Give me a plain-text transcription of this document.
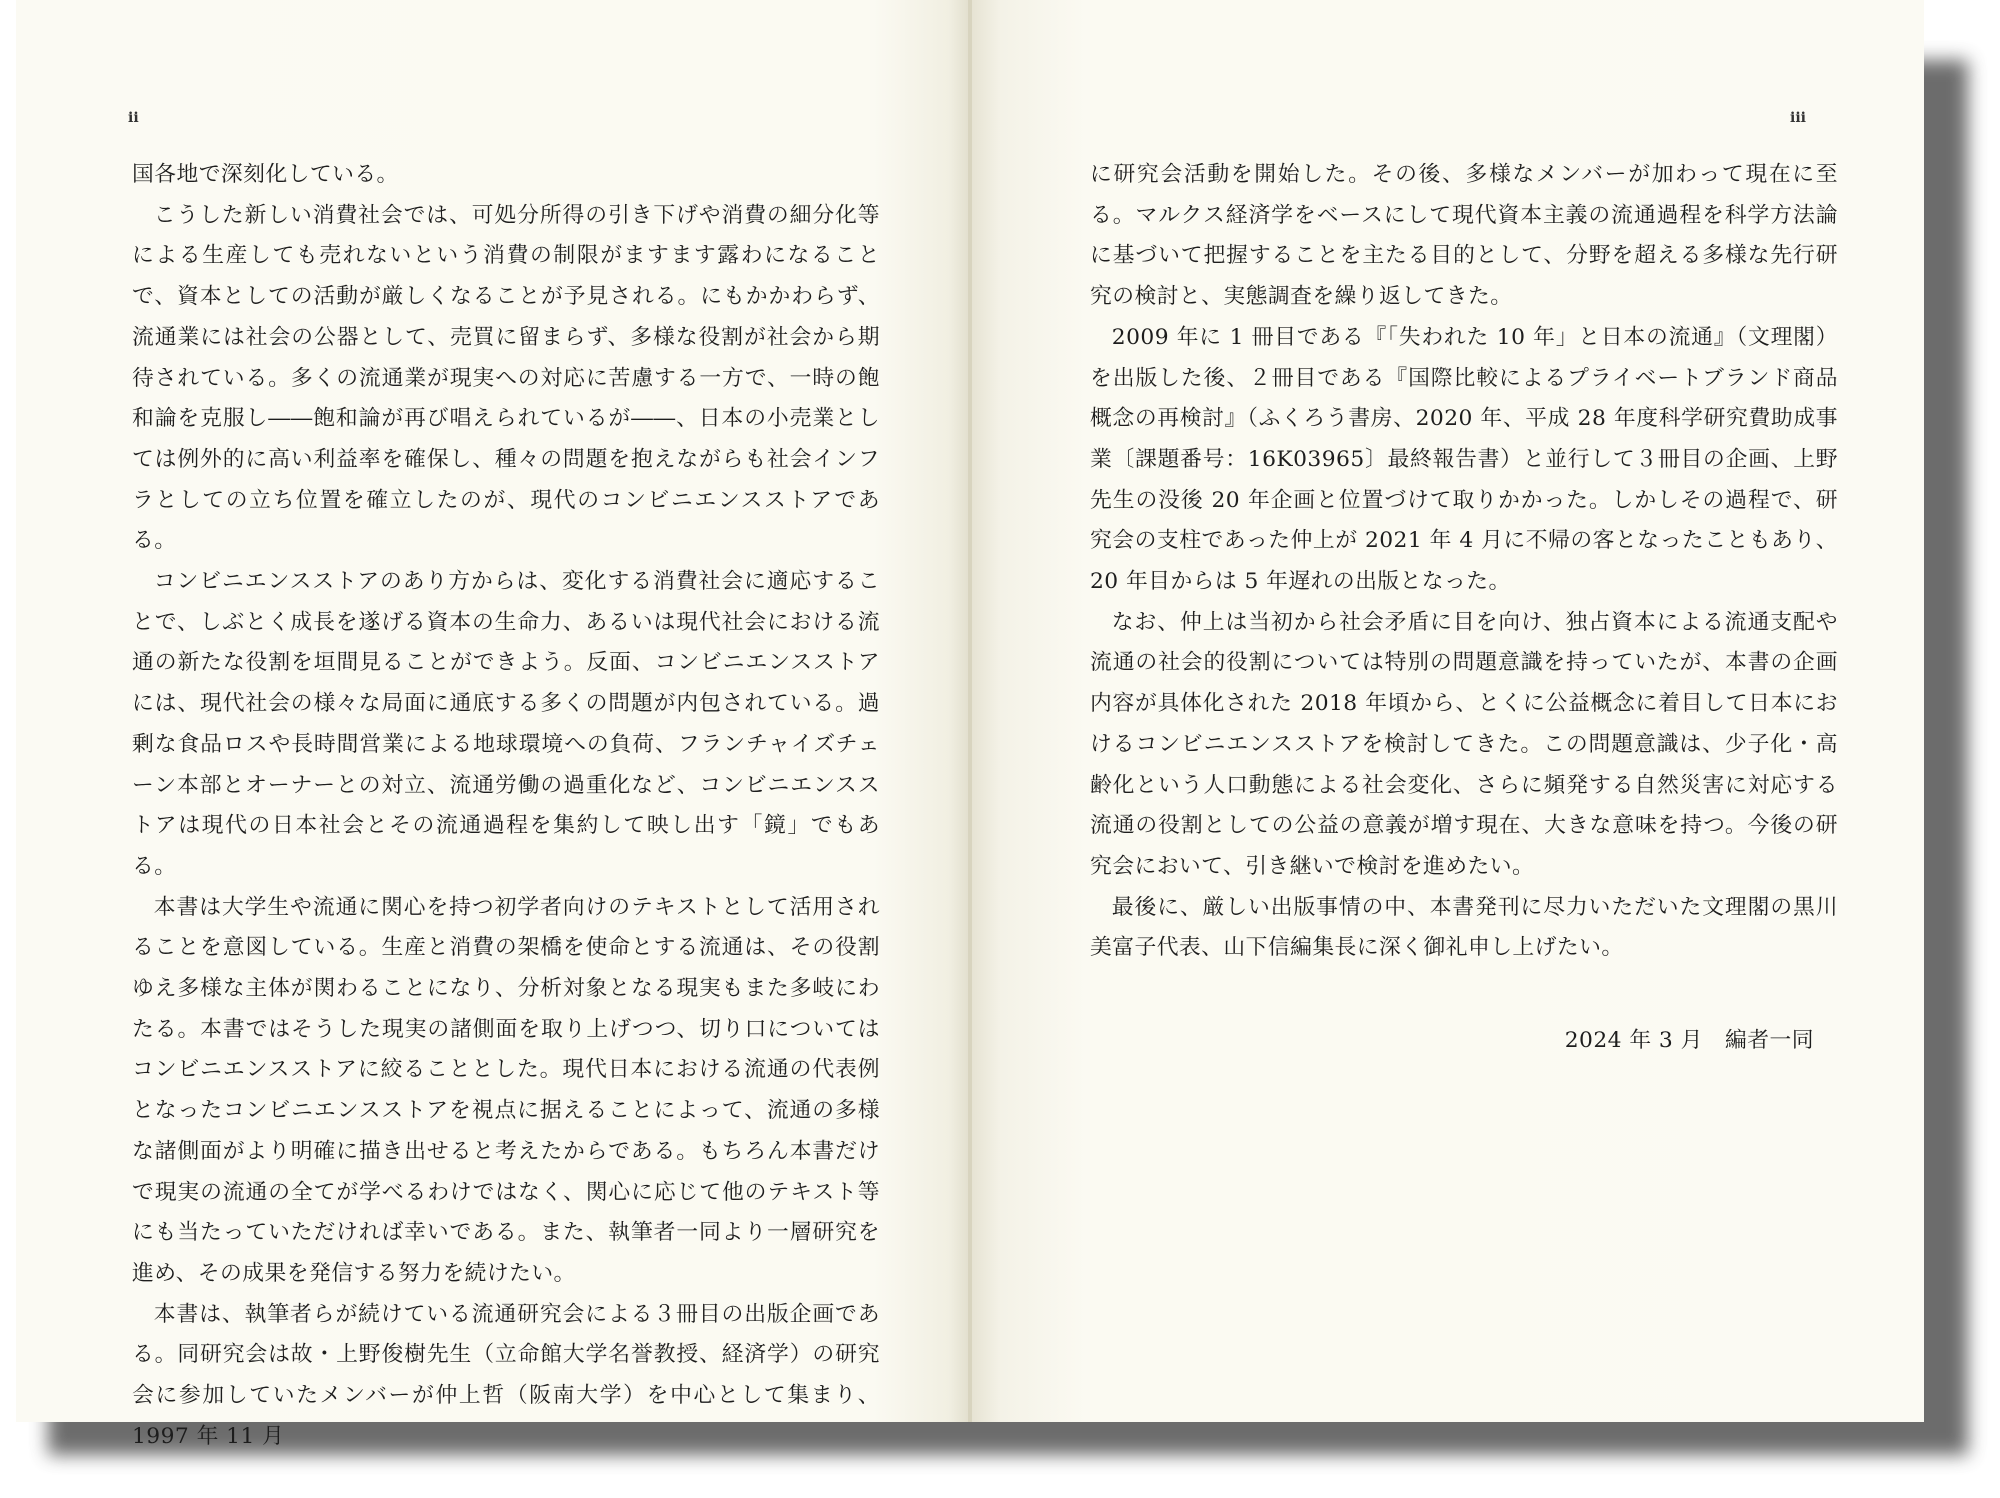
ii

国各地で深刻化している。

こうした新しい消費社会では、可処分所得の引き下げや消費の細分化等による生産しても売れないという消費の制限がますます露わになることで、資本としての活動が厳しくなることが予見される。にもかかわらず、流通業には社会の公器として、売買に留まらず、多様な役割が社会から期待されている。多くの流通業が現実への対応に苦慮する一方で、一時の飽和論を克服し――飽和論が再び唱えられているが――、日本の小売業としては例外的に高い利益率を確保し、種々の問題を抱えながらも社会インフラとしての立ち位置を確立したのが、現代のコンビニエンスストアである。

コンビニエンスストアのあり方からは、変化する消費社会に適応することで、しぶとく成長を遂げる資本の生命力、あるいは現代社会における流通の新たな役割を垣間見ることができよう。反面、コンビニエンスストアには、現代社会の様々な局面に通底する多くの問題が内包されている。過剰な食品ロスや長時間営業による地球環境への負荷、フランチャイズチェーン本部とオーナーとの対立、流通労働の過重化など、コンビニエンスストアは現代の日本社会とその流通過程を集約して映し出す「鏡」でもある。

本書は大学生や流通に関心を持つ初学者向けのテキストとして活用されることを意図している。生産と消費の架橋を使命とする流通は、その役割ゆえ多様な主体が関わることになり、分析対象となる現実もまた多岐にわたる。本書ではそうした現実の諸側面を取り上げつつ、切り口についてはコンビニエンスストアに絞ることとした。現代日本における流通の代表例となったコンビニエンスストアを視点に据えることによって、流通の多様な諸側面がより明確に描き出せると考えたからである。もちろん本書だけで現実の流通の全てが学べるわけではなく、関心に応じて他のテキスト等にも当たっていただければ幸いである。また、執筆者一同より一層研究を進め、その成果を発信する努力を続けたい。

本書は、執筆者らが続けている流通研究会による３冊目の出版企画である。同研究会は故・上野俊樹先生（立命館大学名誉教授、経済学）の研究会に参加していたメンバーが仲上哲（阪南大学）を中心として集まり、1997 年 11 月

iii

に研究会活動を開始した。その後、多様なメンバーが加わって現在に至る。マルクス経済学をベースにして現代資本主義の流通過程を科学方法論に基づいて把握することを主たる目的として、分野を超える多様な先行研究の検討と、実態調査を繰り返してきた。

2009 年に 1 冊目である『「失われた 10 年」と日本の流通』（文理閣）を出版した後、２冊目である『国際比較によるプライベートブランド商品概念の再検討』（ふくろう書房、2020 年、平成 28 年度科学研究費助成事業〔課題番号：16K03965〕最終報告書）と並行して３冊目の企画、上野先生の没後 20 年企画と位置づけて取りかかった。しかしその過程で、研究会の支柱であった仲上が 2021 年 4 月に不帰の客となったこともあり、20 年目からは 5 年遅れの出版となった。

なお、仲上は当初から社会矛盾に目を向け、独占資本による流通支配や流通の社会的役割については特別の問題意識を持っていたが、本書の企画内容が具体化された 2018 年頃から、とくに公益概念に着目して日本におけるコンビニエンスストアを検討してきた。この問題意識は、少子化・高齢化という人口動態による社会変化、さらに頻発する自然災害に対応する流通の役割としての公益の意義が増す現在、大きな意味を持つ。今後の研究会において、引き継いで検討を進めたい。

最後に、厳しい出版事情の中、本書発刊に尽力いただいた文理閣の黒川美富子代表、山下信編集長に深く御礼申し上げたい。

2024 年 3 月　編者一同
